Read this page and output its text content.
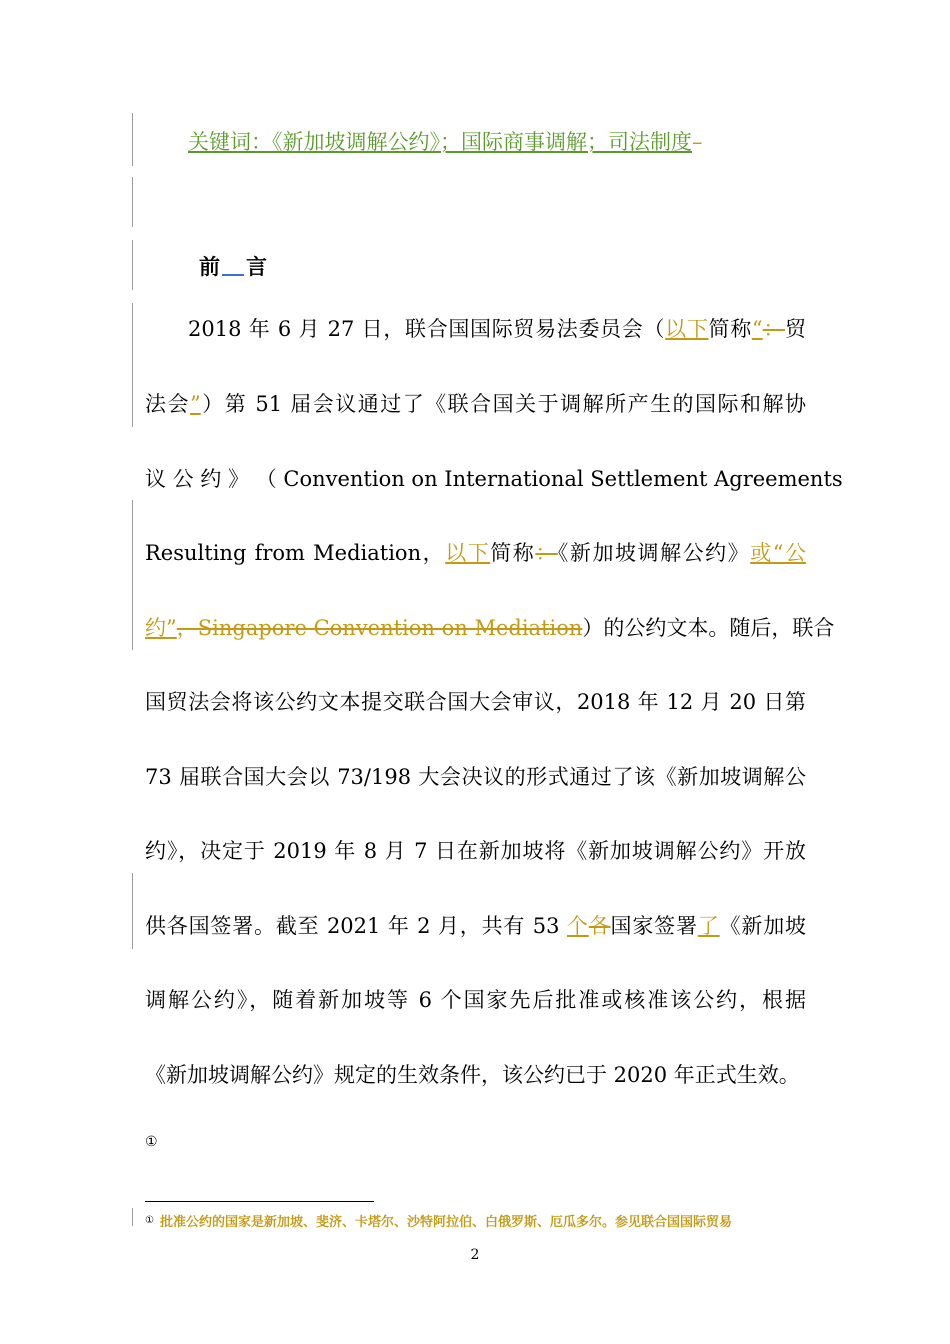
关键词：《新加坡调解公约》；国际商事调解；司法制度–
前 言
2018 年 6 月 27 日，联合国国际贸易法委员会（以下简称“：贸
法会”）第 51 届会议通过了《联合国关于调解所产生的国际和解协
议 公 约 》 （ Convention on International Settlement Agreements
Resulting from Mediation，以下简称：《新加坡调解公约》或“公
约”，Singapore Convention on Mediation）的公约文本。随后，联合
国贸法会将该公约文本提交联合国大会审议，2018 年 12 月 20 日第
73 届联合国大会以 73/198 大会决议的形式通过了该《新加坡调解公
约》，决定于 2019 年 8 月 7 日在新加坡将《新加坡调解公约》开放
供各国签署。截至 2021 年 2 月，共有 53 个各国家签署了《新加坡
调解公约》，随着新加坡等 6 个国家先后批准或核准该公约，根据
《新加坡调解公约》规定的生效条件，该公约已于 2020 年正式生效。
①
① 批准公约的国家是新加坡、斐济、卡塔尔、沙特阿拉伯、白俄罗斯、厄瓜多尔。参见联合国国际贸易
2
